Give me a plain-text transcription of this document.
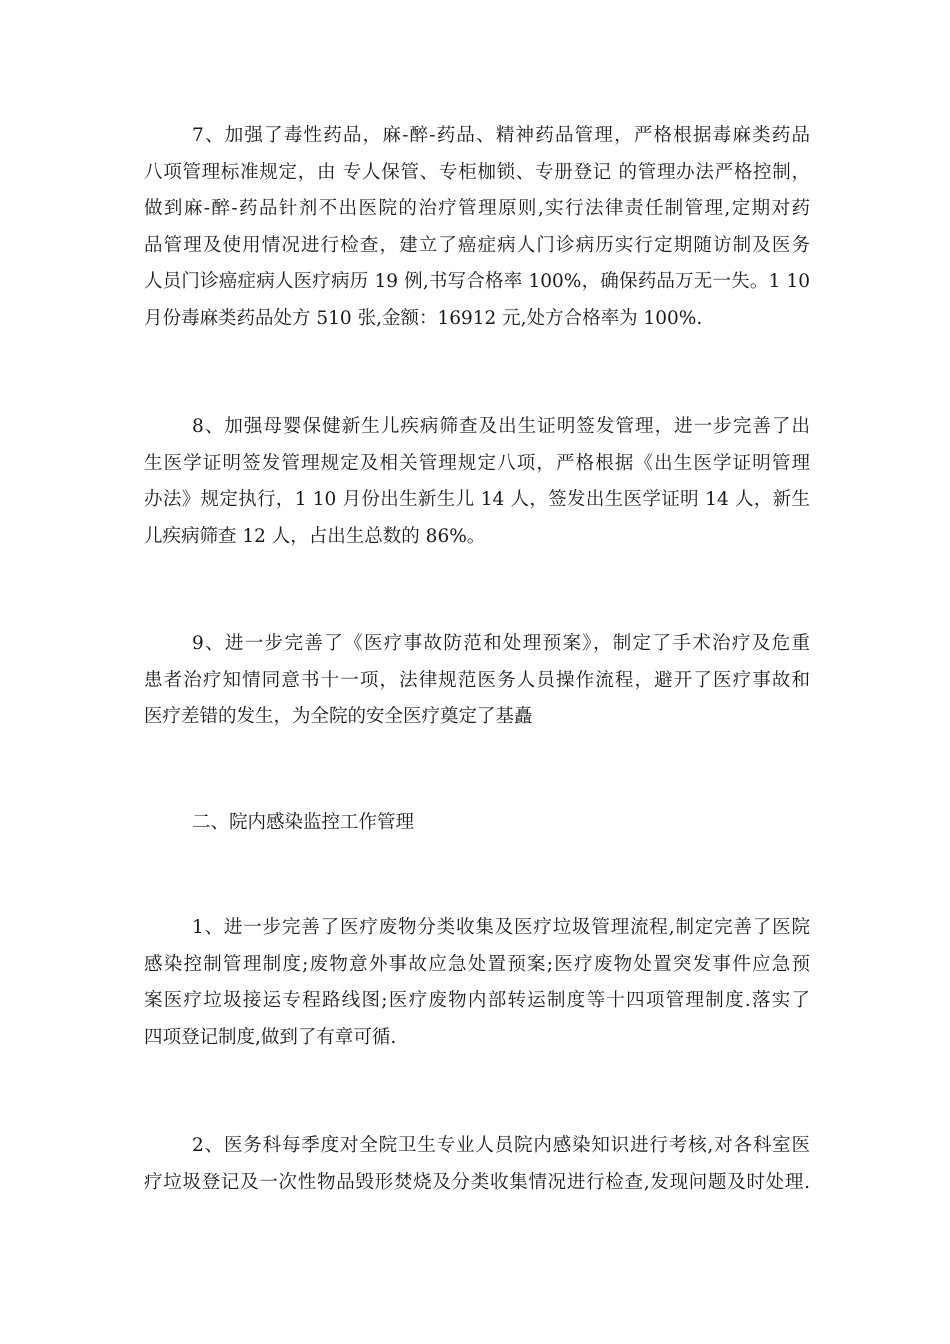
7、加强了毒性药品，麻-醉-药品、精神药品管理，严格根据毒麻类药品
八项管理标准规定，由 专人保管、专柜枷锁、专册登记 的管理办法严格控制，
做到麻-醉-药品针剂不出医院的治疗管理原则,实行法律责任制管理,定期对药
品管理及使用情况进行检查，建立了癌症病人门诊病历实行定期随访制及医务
人员门诊癌症病人医疗病历 19 例,书写合格率 100%，确保药品万无一失。1 10
月份毒麻类药品处方 510 张,金额：16912 元,处方合格率为 100%.
8、加强母婴保健新生儿疾病筛查及出生证明签发管理，进一步完善了出
生医学证明签发管理规定及相关管理规定八项，严格根据《出生医学证明管理
办法》规定执行，1 10 月份出生新生儿 14 人，签发出生医学证明 14 人，新生
儿疾病筛查 12 人，占出生总数的 86%。
9、进一步完善了《医疗事故防范和处理预案》，制定了手术治疗及危重
患者治疗知情同意书十一项，法律规范医务人员操作流程，避开了医疗事故和
医疗差错的发生，为全院的安全医疗奠定了基矗
二、院内感染监控工作管理
1、进一步完善了医疗废物分类收集及医疗垃圾管理流程,制定完善了医院
感染控制管理制度;废物意外事故应急处置预案;医疗废物处置突发事件应急预
案医疗垃圾接运专程路线图;医疗废物内部转运制度等十四项管理制度.落实了
四项登记制度,做到了有章可循.
2、医务科每季度对全院卫生专业人员院内感染知识进行考核,对各科室医
疗垃圾登记及一次性物品毁形焚烧及分类收集情况进行检查,发现问题及时处理.
